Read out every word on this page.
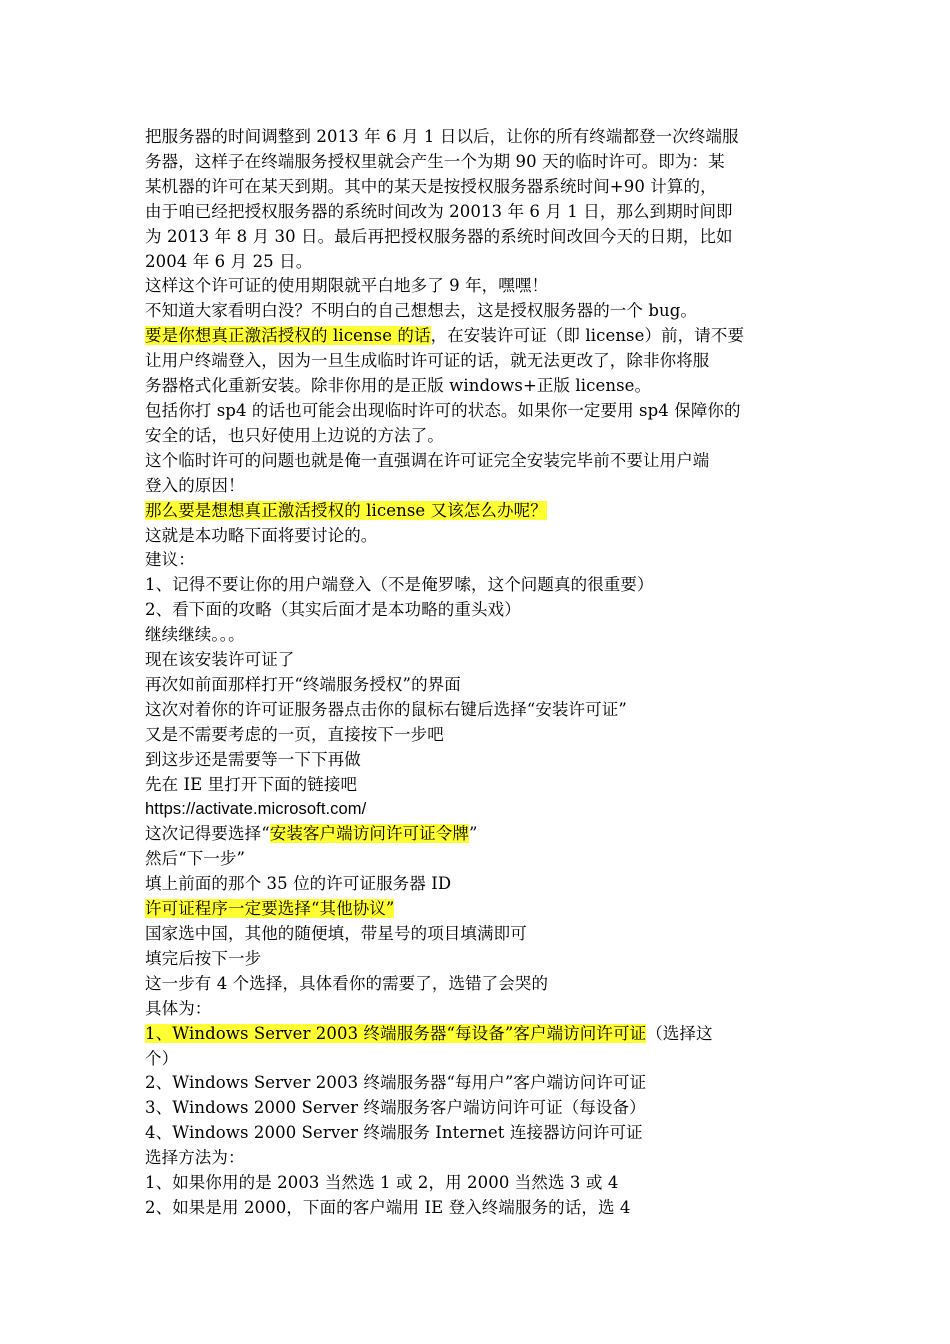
把服务器的时间调整到 2013 年 6 月 1 日以后，让你的所有终端都登一次终端服
务器，这样子在终端服务授权里就会产生一个为期 90 天的临时许可。即为：某
某机器的许可在某天到期。其中的某天是按授权服务器系统时间+90 计算的，
由于咱已经把授权服务器的系统时间改为 20013 年 6 月 1 日，那么到期时间即
为 2013 年 8 月 30 日。最后再把授权服务器的系统时间改回今天的日期，比如
2004 年 6 月 25 日。
这样这个许可证的使用期限就平白地多了 9 年，嘿嘿！
不知道大家看明白没？不明白的自己想想去，这是授权服务器的一个 bug。
要是你想真正激活授权的 license 的话，在安装许可证（即 license）前，请不要
让用户终端登入，因为一旦生成临时许可证的话，就无法更改了，除非你将服
务器格式化重新安装。除非你用的是正版 windows+正版 license。
包括你打 sp4 的话也可能会出现临时许可的状态。如果你一定要用 sp4 保障你的
安全的话，也只好使用上边说的方法了。
这个临时许可的问题也就是俺一直强调在许可证完全安装完毕前不要让用户端
登入的原因！
那么要是想想真正激活授权的 license 又该怎么办呢？
这就是本功略下面将要讨论的。
建议：
1、记得不要让你的用户端登入（不是俺罗嗦，这个问题真的很重要）
2、看下面的攻略（其实后面才是本功略的重头戏）
继续继续。。。
现在该安装许可证了
再次如前面那样打开“终端服务授权”的界面
这次对着你的许可证服务器点击你的鼠标右键后选择“安装许可证”
又是不需要考虑的一页，直接按下一步吧
到这步还是需要等一下下再做
先在 IE 里打开下面的链接吧
https://activate.microsoft.com/
这次记得要选择“安装客户端访问许可证令牌”
然后“下一步”
填上前面的那个 35 位的许可证服务器 ID
许可证程序一定要选择“其他协议”
国家选中国，其他的随便填，带星号的项目填满即可
填完后按下一步
这一步有 4 个选择，具体看你的需要了，选错了会哭的
具体为：
1、Windows Server 2003 终端服务器“每设备”客户端访问许可证（选择这
个）
2、Windows Server 2003 终端服务器“每用户”客户端访问许可证
3、Windows 2000 Server 终端服务客户端访问许可证（每设备）
4、Windows 2000 Server 终端服务 Internet 连接器访问许可证
选择方法为：
1、如果你用的是 2003 当然选 1 或 2，用 2000 当然选 3 或 4
2、如果是用 2000，下面的客户端用 IE 登入终端服务的话，选 4
